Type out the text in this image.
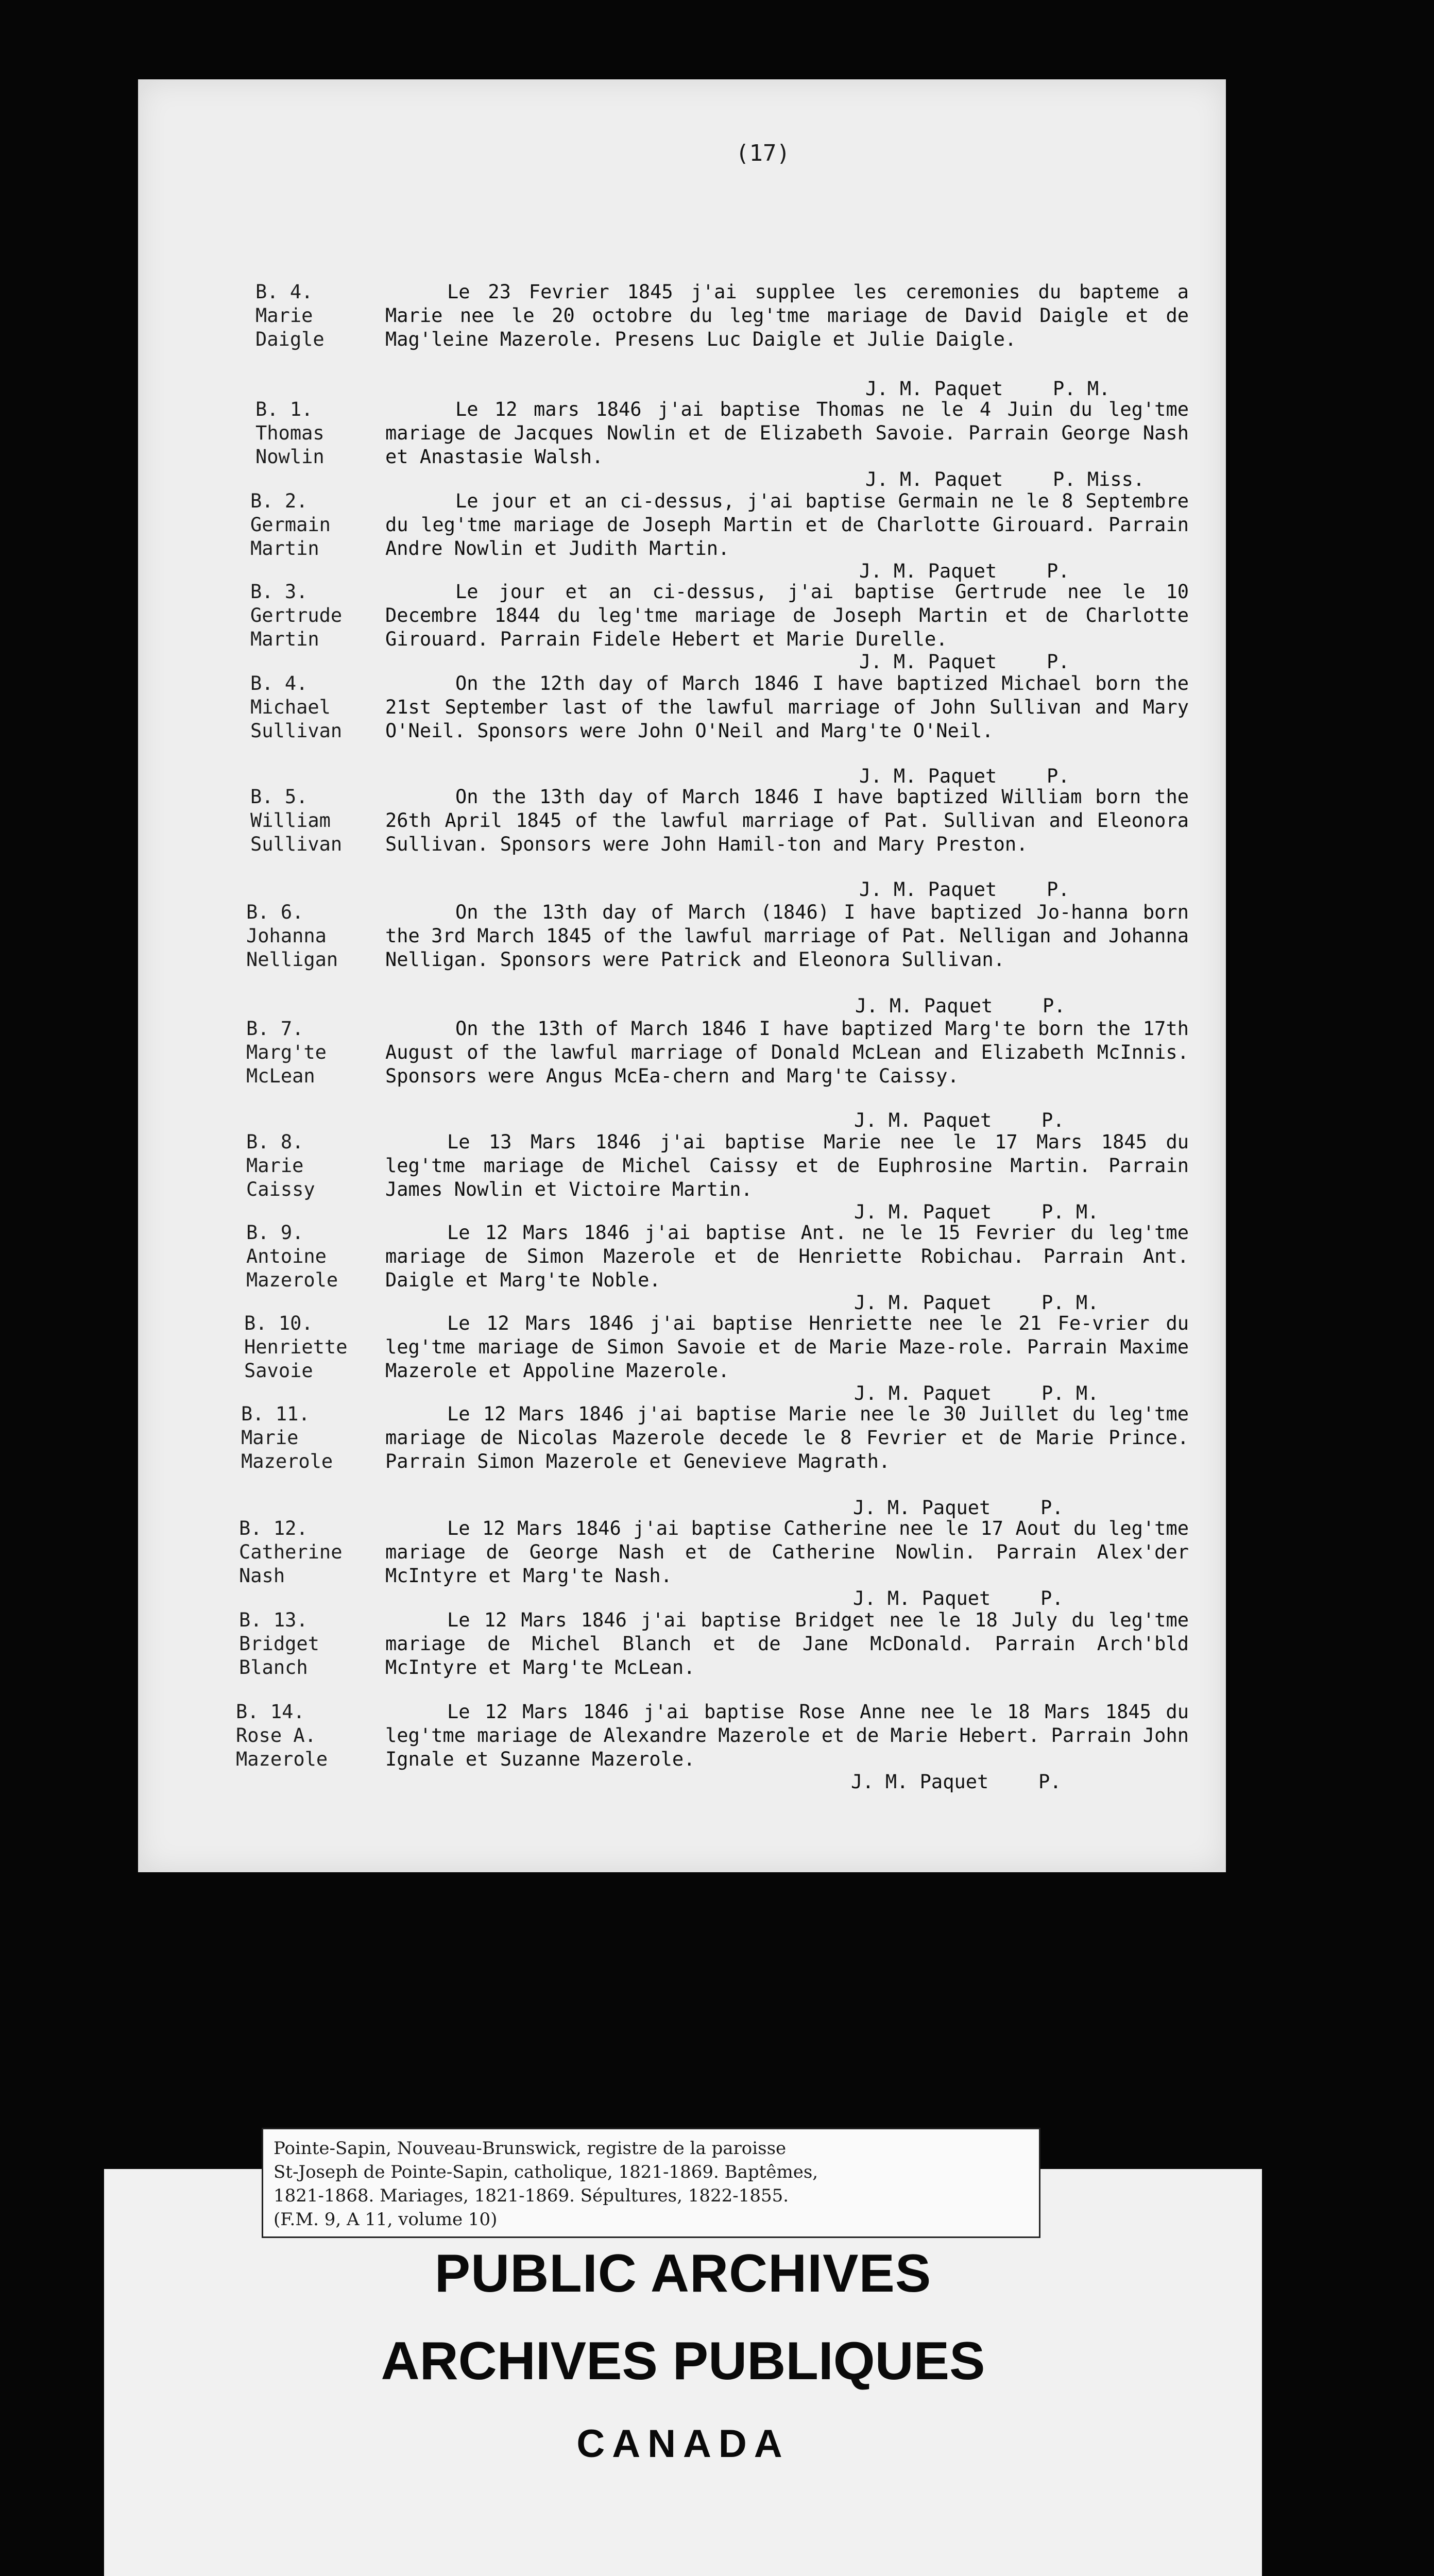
(17)
B. 4.
Marie
Daigle
Le 23 Fevrier 1845 j'ai supplee les ceremonies du bapteme a Marie nee le 20 octobre du leg'tme mariage de David Daigle et de Mag'leine Mazerole. Presens Luc Daigle et Julie Daigle.
J. M. Paquet	P. M.
B. 1.
Thomas
Nowlin
Le 12 mars 1846 j'ai baptise Thomas ne le 4 Juin du leg'tme mariage de Jacques Nowlin et de Elizabeth Savoie. Parrain George Nash et Anastasie Walsh.
J. M. Paquet	P. Miss.
B. 2.
Germain
Martin
Le jour et an ci-dessus, j'ai baptise Germain ne le 8 Septembre du leg'tme mariage de Joseph Martin et de Charlotte Girouard. Parrain Andre Nowlin et Judith Martin.
J. M. Paquet	P.
B. 3.
Gertrude
Martin
Le jour et an ci-dessus, j'ai baptise Gertrude nee le 10 Decembre 1844 du leg'tme mariage de Joseph Martin et de Charlotte Girouard. Parrain Fidele Hebert et Marie Durelle.
J. M. Paquet	P.
B. 4.
Michael
Sullivan
On the 12th day of March 1846 I have baptized Michael born the 21st September last of the lawful marriage of John Sullivan and Mary O'Neil. Sponsors were John O'Neil and Marg'te O'Neil.
J. M. Paquet	P.
B. 5.
William
Sullivan
On the 13th day of March 1846 I have baptized William born the 26th April 1845 of the lawful marriage of Pat. Sullivan and Eleonora Sullivan. Sponsors were John Hamil-ton and Mary Preston.
J. M. Paquet	P.
B. 6.
Johanna
Nelligan
On the 13th day of March (1846) I have baptized Jo-hanna born the 3rd March 1845 of the lawful marriage of Pat. Nelligan and Johanna Nelligan. Sponsors were Patrick and Eleonora Sullivan.
J. M. Paquet	P.
B. 7.
Marg'te
McLean
On the 13th of March 1846 I have baptized Marg'te born the 17th August of the lawful marriage of Donald McLean and Elizabeth McInnis. Sponsors were Angus McEa-chern and Marg'te Caissy.
J. M. Paquet	P.
B. 8.
Marie
Caissy
Le 13 Mars 1846 j'ai baptise Marie nee le 17 Mars 1845 du leg'tme mariage de Michel Caissy et de Euphrosine Martin. Parrain James Nowlin et Victoire Martin.
J. M. Paquet	P. M.
B. 9.
Antoine
Mazerole
Le 12 Mars 1846 j'ai baptise Ant. ne le 15 Fevrier du leg'tme mariage de Simon Mazerole et de Henriette Robichau. Parrain Ant. Daigle et Marg'te Noble.
J. M. Paquet	P. M.
B. 10.
Henriette
Savoie
Le 12 Mars 1846 j'ai baptise Henriette nee le 21 Fe-vrier du leg'tme mariage de Simon Savoie et de Marie Maze-role. Parrain Maxime Mazerole et Appoline Mazerole.
J. M. Paquet	P. M.
B. 11.
Marie
Mazerole
Le 12 Mars 1846 j'ai baptise Marie nee le 30 Juillet du leg'tme mariage de Nicolas Mazerole decede le 8 Fevrier et de Marie Prince. Parrain Simon Mazerole et Genevieve Magrath.
J. M. Paquet	P.
B. 12.
Catherine
Nash
Le 12 Mars 1846 j'ai baptise Catherine nee le 17 Aout du leg'tme mariage de George Nash et de Catherine Nowlin. Parrain Alex'der McIntyre et Marg'te Nash.
J. M. Paquet	P.
B. 13.
Bridget
Blanch
Le 12 Mars 1846 j'ai baptise Bridget nee le 18 July du leg'tme mariage de Michel Blanch et de Jane McDonald. Parrain Arch'bld McIntyre et Marg'te McLean.
B. 14.
Rose A.
Mazerole
Le 12 Mars 1846 j'ai baptise Rose Anne nee le 18 Mars 1845 du leg'tme mariage de Alexandre Mazerole et de Marie Hebert. Parrain John Ignale et Suzanne Mazerole.
J. M. Paquet	P.
Pointe-Sapin, Nouveau-Brunswick, registre de la paroisse
St-Joseph de Pointe-Sapin, catholique, 1821-1869. Baptêmes,
1821-1868. Mariages, 1821-1869. Sépultures, 1822-1855.
(F.M. 9, A 11, volume 10)
PUBLIC ARCHIVES
ARCHIVES PUBLIQUES
CANADA
